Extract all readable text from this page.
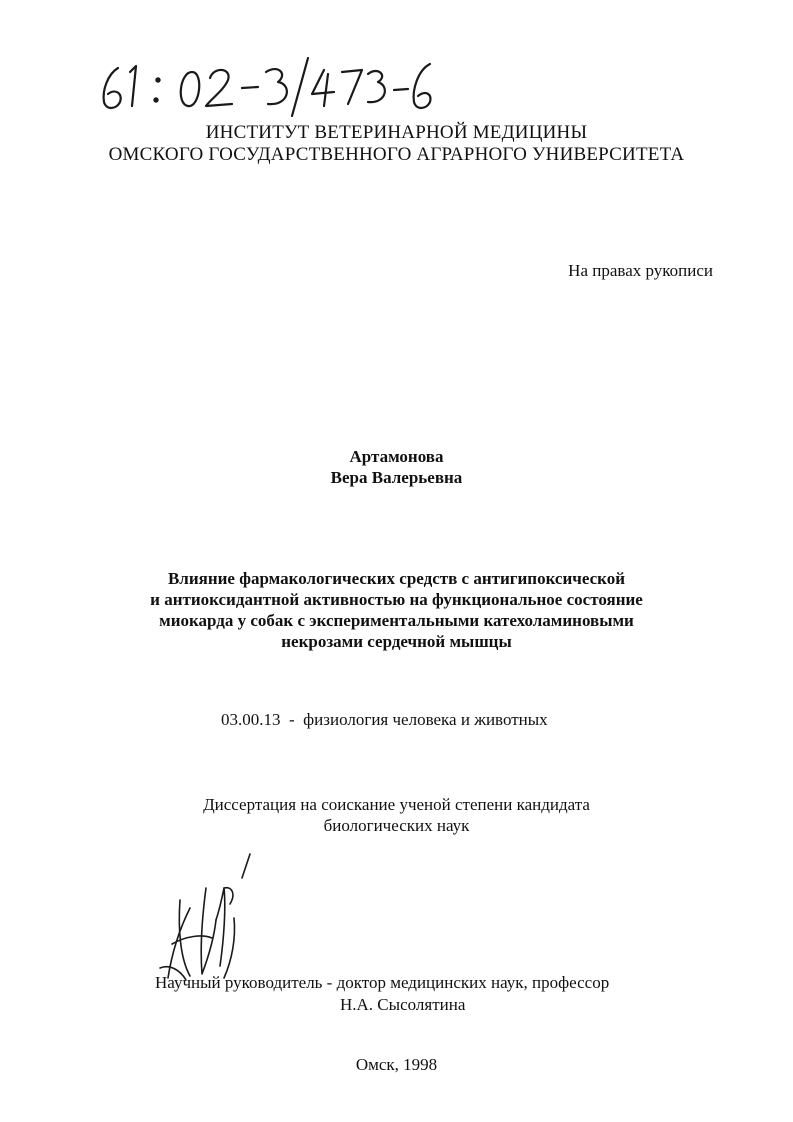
ИНСТИТУТ ВЕТЕРИНАРНОЙ МЕДИЦИНЫ
ОМСКОГО ГОСУДАРСТВЕННОГО АГРАРНОГО УНИВЕРСИТЕТА
На правах рукописи
Артамонова
Вера Валерьевна
Влияние фармакологических средств с антигипоксической
и антиоксидантной активностью на функциональное состояние
миокарда у собак с экспериментальными катехоламиновыми
некрозами сердечной мышцы
03.00.13 - физиология человека и животных
Диссертация на соискание ученой степени кандидата
биологических наук
Научный руководитель - доктор медицинских наук, профессор
Н.А. Сысолятина
Омск, 1998
